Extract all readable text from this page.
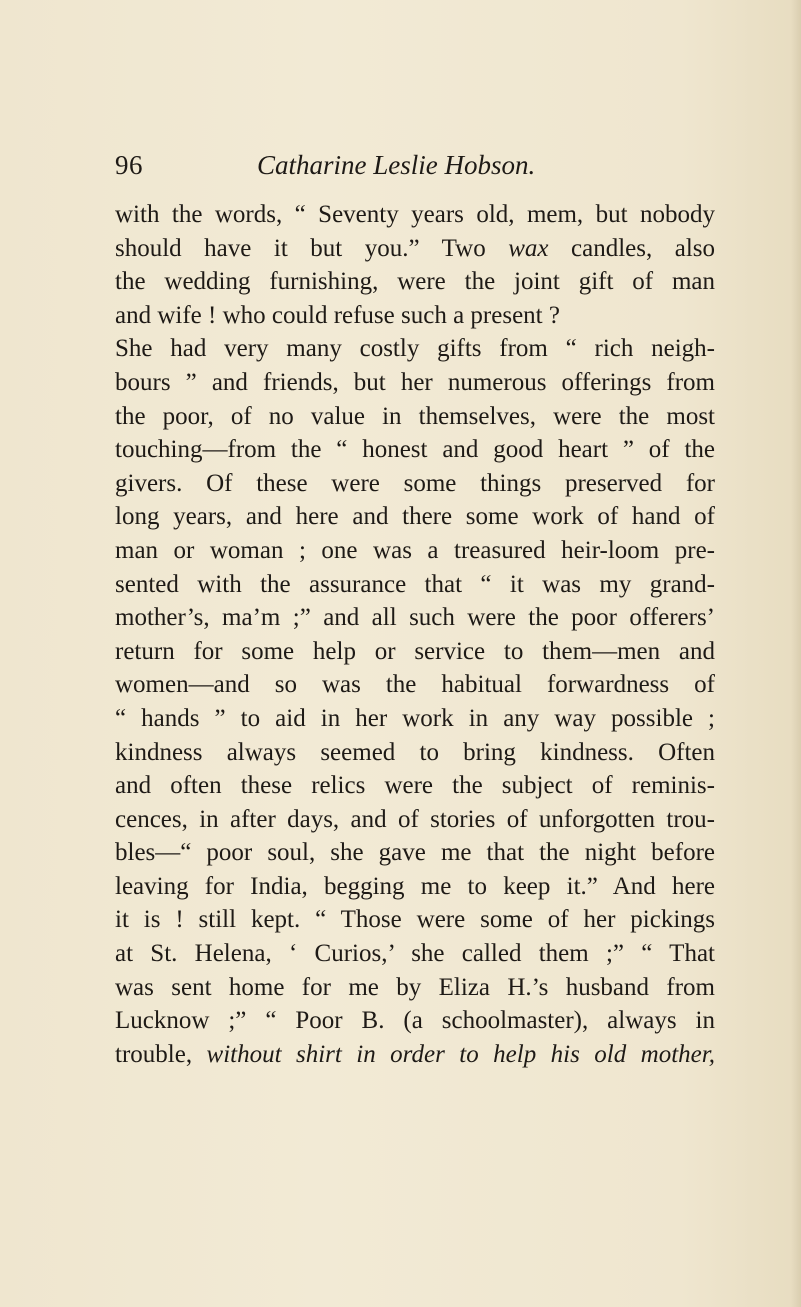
96	Catharine Leslie Hobson.
with the words, “ Seventy years old, mem, but nobody
should have it but you.” Two wax candles, also
the wedding furnishing, were the joint gift of man
and wife ! who could refuse such a present ?
She had very many costly gifts from “ rich neigh-
bours ” and friends, but her numerous offerings from
the poor, of no value in themselves, were the most
touching—from the “ honest and good heart ” of the
givers. Of these were some things preserved for
long years, and here and there some work of hand of
man or woman ; one was a treasured heir-loom pre-
sented with the assurance that “ it was my grand-
mother’s, ma’m ;” and all such were the poor offerers’
return for some help or service to them—men and
women—and so was the habitual forwardness of
“ hands ” to aid in her work in any way possible ;
kindness always seemed to bring kindness. Often
and often these relics were the subject of reminis-
cences, in after days, and of stories of unforgotten trou-
bles—“ poor soul, she gave me that the night before
leaving for India, begging me to keep it.” And here
it is ! still kept. “ Those were some of her pickings
at St. Helena, ‘ Curios,’ she called them ;” “ That
was sent home for me by Eliza H.’s husband from
Lucknow ;” “ Poor B. (a schoolmaster), always in
trouble, without shirt in order to help his old mother,
